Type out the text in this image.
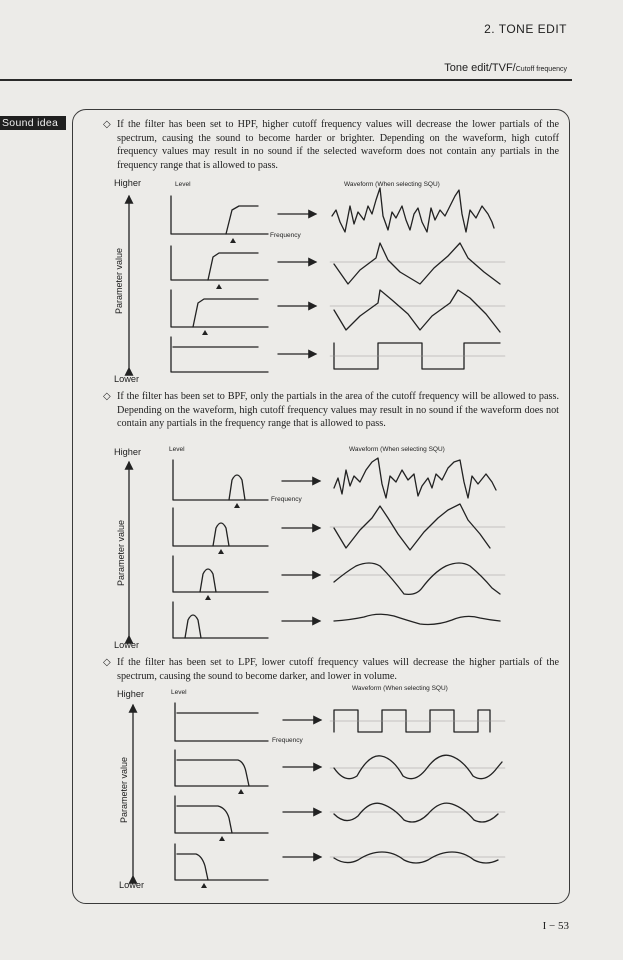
2. TONE EDIT
Tone edit/TVF/Cutoff frequency
Sound idea	◇ If the filter has been set to HPF, higher cutoff frequency values will decrease the lower partials of the spectrum, causing the sound to become harder or brighter. Depending on the waveform, high cutoff frequency values may result in no sound if the selected waveform does not contain any partials in the frequency range that is allowed to pass.
Higher
Lower
Level
Frequency
Waveform (When selecting SQU)
Parameter value
◇ If the filter has been set to BPF, only the partials in the area of the cutoff frequency will be allowed to pass. Depending on the waveform, high cutoff frequency values may result in no sound if the waveform does not contain any partials in the frequency range that is allowed to pass.
Higher
Lower
Level
Frequency
Waveform (When selecting SQU)
Parameter value
◇ If the filter has been set to LPF, lower cutoff frequency values will decrease the higher partials of the spectrum, causing the sound to become darker, and lower in volume.
Higher
Lower
Level
Frequency
Waveform (When selecting SQU)
Parameter value
I − 53
